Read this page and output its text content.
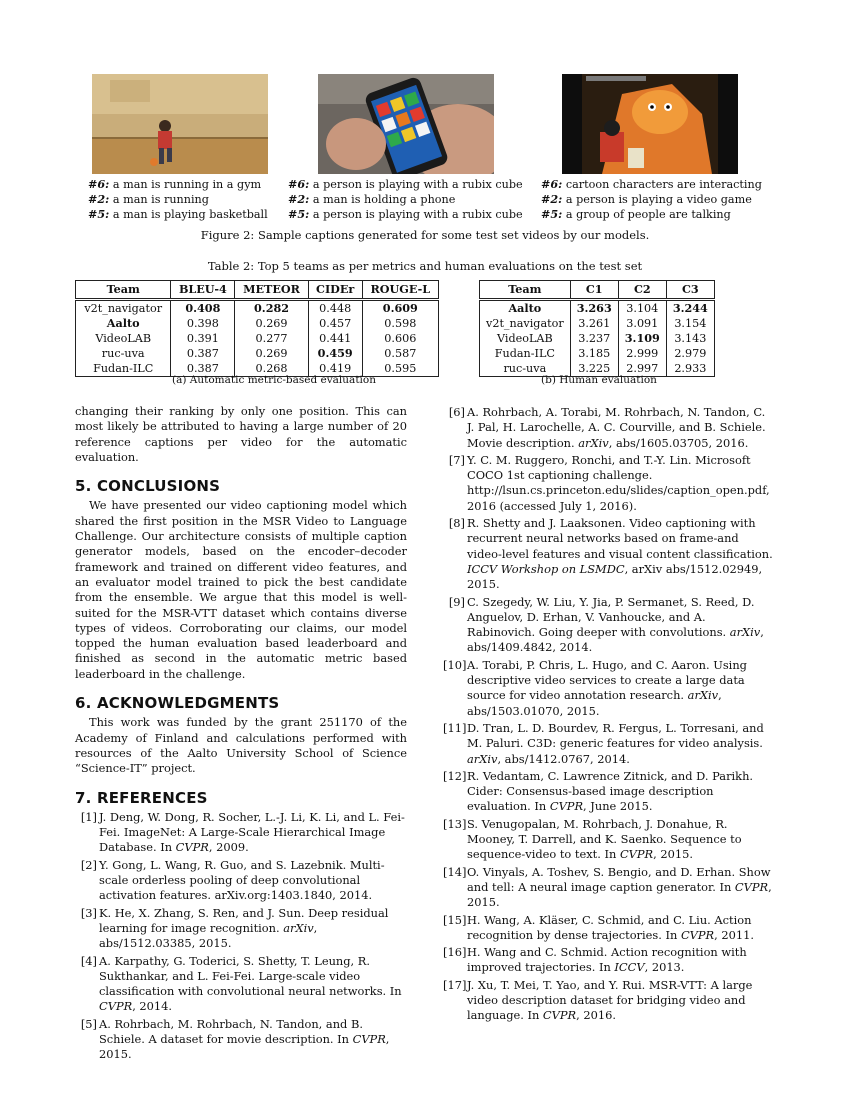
#6: a man is running in a gym
#2: a man is running
#5: a man is playing basketball
#6: a person is playing with a rubix cube
#2: a man is holding a phone
#5: a person is playing with a rubix cube
#6: cartoon characters are interacting
#2: a person is playing a video game
#5: a group of people are talking
Figure 2: Sample captions generated for some test set videos by our models.
Table 2: Top 5 teams as per metrics and human evaluations on the test set
Team	BLEU-4	METEOR	CIDEr	ROUGE-L
v2t_navigator	0.408	0.282	0.448	0.609
Aalto	0.398	0.269	0.457	0.598
VideoLAB	0.391	0.277	0.441	0.606
ruc-uva	0.387	0.269	0.459	0.587
Fudan-ILC	0.387	0.268	0.419	0.595
(a) Automatic metric-based evaluation
Team	C1	C2	C3
Aalto	3.263	3.104	3.244
v2t_navigator	3.261	3.091	3.154
VideoLAB	3.237	3.109	3.143
Fudan-ILC	3.185	2.999	2.979
ruc-uva	3.225	2.997	2.933
(b) Human evaluation

changing their ranking by only one position. This can most likely be attributed to having a large number of 20 reference captions per video for the automatic evaluation.

5. CONCLUSIONS

We have presented our video captioning model which shared the first position in the MSR Video to Language Challenge. Our architecture consists of multiple caption generator models, based on the encoder–decoder framework and trained on different video features, and an evaluator model trained to pick the best candidate from the ensemble. We argue that this model is well-suited for the MSR-VTT dataset which contains diverse types of videos. Corroborating our claims, our model topped the human evaluation based leaderboard and finished as second in the automatic metric based leaderboard in the challenge.

6. ACKNOWLEDGMENTS

This work was funded by the grant 251170 of the Academy of Finland and calculations performed with resources of the Aalto University School of Science “Science-IT” project.

7. REFERENCES
[1] J. Deng, W. Dong, R. Socher, L.-J. Li, K. Li, and L. Fei-Fei. ImageNet: A Large-Scale Hierarchical Image Database. In CVPR, 2009.
[2] Y. Gong, L. Wang, R. Guo, and S. Lazebnik. Multi-scale orderless pooling of deep convolutional activation features. arXiv.org:1403.1840, 2014.
[3] K. He, X. Zhang, S. Ren, and J. Sun. Deep residual learning for image recognition. arXiv, abs/1512.03385, 2015.
[4] A. Karpathy, G. Toderici, S. Shetty, T. Leung, R. Sukthankar, and L. Fei-Fei. Large-scale video classification with convolutional neural networks. In CVPR, 2014.
[5] A. Rohrbach, M. Rohrbach, N. Tandon, and B. Schiele. A dataset for movie description. In CVPR, 2015.
[6] A. Rohrbach, A. Torabi, M. Rohrbach, N. Tandon, C. J. Pal, H. Larochelle, A. C. Courville, and B. Schiele. Movie description. arXiv, abs/1605.03705, 2016.
[7] Y. C. M. Ruggero, Ronchi, and T.-Y. Lin. Microsoft COCO 1st captioning challenge. http://lsun.cs.princeton.edu/slides/caption_open.pdf, 2016 (accessed July 1, 2016).
[8] R. Shetty and J. Laaksonen. Video captioning with recurrent neural networks based on frame-and video-level features and visual content classification. ICCV Workshop on LSMDC, arXiv abs/1512.02949, 2015.
[9] C. Szegedy, W. Liu, Y. Jia, P. Sermanet, S. Reed, D. Anguelov, D. Erhan, V. Vanhoucke, and A. Rabinovich. Going deeper with convolutions. arXiv, abs/1409.4842, 2014.
[10] A. Torabi, P. Chris, L. Hugo, and C. Aaron. Using descriptive video services to create a large data source for video annotation research. arXiv, abs/1503.01070, 2015.
[11] D. Tran, L. D. Bourdev, R. Fergus, L. Torresani, and M. Paluri. C3D: generic features for video analysis. arXiv, abs/1412.0767, 2014.
[12] R. Vedantam, C. Lawrence Zitnick, and D. Parikh. Cider: Consensus-based image description evaluation. In CVPR, June 2015.
[13] S. Venugopalan, M. Rohrbach, J. Donahue, R. Mooney, T. Darrell, and K. Saenko. Sequence to sequence-video to text. In CVPR, 2015.
[14] O. Vinyals, A. Toshev, S. Bengio, and D. Erhan. Show and tell: A neural image caption generator. In CVPR, 2015.
[15] H. Wang, A. Kläser, C. Schmid, and C. Liu. Action recognition by dense trajectories. In CVPR, 2011.
[16] H. Wang and C. Schmid. Action recognition with improved trajectories. In ICCV, 2013.
[17] J. Xu, T. Mei, T. Yao, and Y. Rui. MSR-VTT: A large video description dataset for bridging video and language. In CVPR, 2016.
